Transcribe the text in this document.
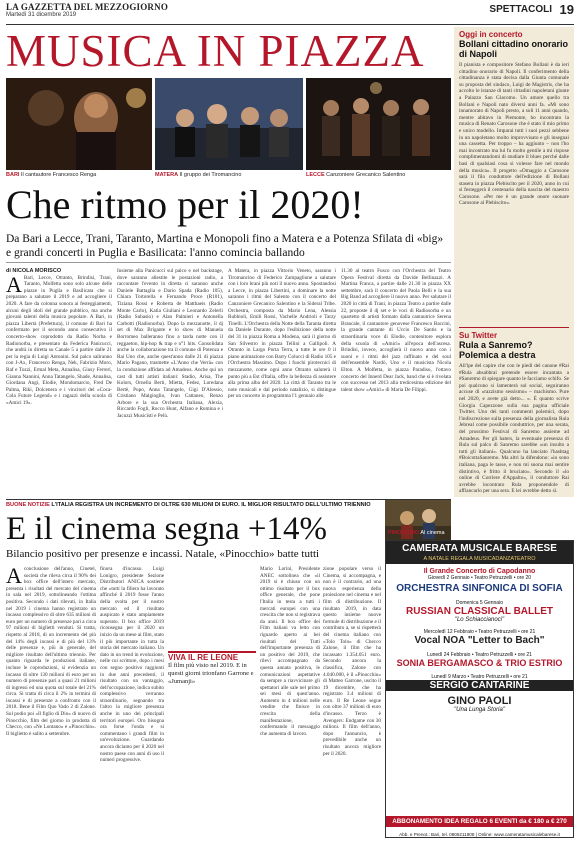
LA GAZZETTA DEL MEZZOGIORNO
Martedì 31 dicembre 2019	SPETTACOLI 19
MUSICA IN PIAZZA
BARI Il cantautore Francesco Renga	MATERA Il gruppo dei Tiromancino	LECCE Canzoniere Grecanico Salentino
Che ritmo per il 2020!
Da Bari a Lecce, Trani, Taranto, Martina e Monopoli fino a Matera e a Potenza Sfilata di «big» e grandi concerti in Puglia e Basilicata: l'anno comincia ballando
di NICOLA MORISCO
A Bari, Lecce, Otranto, Brindisi, Trani, Taranto, Molfetta sono solo alcune delle piazze in Puglia e Basilicata che si preparano a salutare il 2019 e ad accogliere il 2020. A fare da colonna sonora ai festeggiamenti, alcuni degli idoli del grande pubblico, ma anche giovani talenti della musica popolare. A Bari, in piazza Libertà (Prefettura), il comune di Bari ha confermato per il secondo anno consecutivo il concerto-show coprodotto da Radio Norba e Radionorba, e presentato da Federica Panicucci, che andrà in diretta su Canale 5 a partire dalle 21 per la regia di Luigi Antonini. Sul palco saliranno con J-Ax, Francesco Renga, Nek, Fabrizio Moro, Raf e Tozzi, Ermal Meta, Annalisa, Giusy Ferreri, Gianna Nannini, Anna Tatangelo, Shade, Annalisa, Giordana Angi, Elodie, Mondomarcio, Fred De Palma, Riki, Dolcenera e i vincitori del «Coca-Cola Future Legend» e i ragazzi della scuola di «Amici 19».
Insieme alla Panicucci sul palco e nel backstage, dove saranno allestite le postazioni radio, a raccontare l'evento in diretta ci saranno anche Daniele Battaglia e Dario Spada (Radio 105), Chiara Tortorella e Fernando Proce (R101), Tiziana Rossi e Roberta de Matthaeis (Radio Monte Carlo), Katia Giuliani e Leonardo Zelerli (Radio Subasio) e Alan Palmieri e Antonella Carbotti (Radionorba). Dopo la mezzanotte, il dj set di Max Brigante e lo show di Manuela Borromeo balleranno fino a tarda notte con il reggaeton, hip-hop & trap e n°1 hits. Consolidata anche la collaborazione tra il comune di Potenza e Rai Uno che, anche quest'anno dalle 21 di piazza Mario Pagano, trasmette «L'Anno che Verrà» con la conduzione affidata ad Amadeus. Anche qui un cast di tutti artisti italiani: Stadio, Arisa, The Kolors, Ornella Berti, Mietta, Fedez, Loredana Bertè, Pupo, Anna Tatangelo, Gigi D'Alessio, Cristiano Malgioglio, Ivan Cattaneo, Renzo Arbore e la sua Orchestra Italiana, Alexia, Riccardo Fogli, Rocco Hunt, Alfano e Romina e i Jacuzzi Musicisti e Pelù.
A Matera, in piazza Vittorio Veneto, saranno i Tiromancino di Federico Zampaglione a salutare con i loro brani più noti il nuovo anno. Spostandosi a Lecce, in piazza Libertini, a dominare la notte saranno i ritmi del Salento con il concerto del Canzoniere Grecanico Salentino e la Sideral Tribe. Orchestra, composta da Mario Lena, Alessia Rubbioli, Emili Rossi, Vachelle Andrioli e Tarzy Tinelli. L'Orchestra della Notte della Taranta diretta da Daniele Durante, dopo l'esibizione della notte del 31 in piazza Roma a Modena, sarà il giorno di San Silvestro in piazza Tellini a Gallipoli. A Otranto in Largo Porta Terra, a tutte le ore 0 il piano animazione con Barry Colucci di Radio 105 e l'Orchestra Massimo. Dopo i fuochi pirotecnici di mezzanotte, come ogni anno Otranto saluterà il punto più a Est d'Italia, offre la bellezza di assistere alla prima alba del 2020. La città di Taranto tra le note musicali e dal periodo natalizio, si distingue per un concerto in programma l'1 gennaio alle
11.30 al teatro Fusco con l'Orchestra del Teatro Opera Festival diretta da Davide Bellinazzi. A Martina Franca, a partire dalle 21.30 in piazza XX settembre, sarà il concerto del Paola Belli e la sua Big Band ad accogliere il nuovo anno. Per salutare il 2020 in città di Trani, in piazza Teatro a partire dalle 22, proposte il dj set e le voci di Radiosorba e un quartetto di artisti formato dalla cantautrice Serena Brancale, il cantautore genovese Francesco Baccini, la grande cantante di Uccio De Santis e la straordinaria voce di Elodie, contenitore esplora della scuola di «Amici» all'epoca dell'ascesa. Brindisi, invece, accoglierà il nuovo anno con i suoni e i ritmi del jazz raffinato e del soul dell'ensemble Nardò, Uno e il musicista Nicola Elton. A Molfetta, in piazza Paradiso, l'ottavo concerto del Innerd Dear Jack, band che si è rivelata con successo nel 2013 alla tredicesima edizione del talent show «Amici» di Maria De Filippi.
Oggi in concerto
Bollani cittadino onorario di Napoli
Il pianista e compositore Stefano Bollani è da ieri cittadino onorario di Napoli. Il conferimento della cittadinanza è stata decisa dalla Giunta comunale su proposta del sindaco, Luigi de Magistris, che ha accolto le istanze di tanti cittadini napoletani giunte a Palazzo San Giacomo. Un amore quello tra Bollani e Napoli nato diversi anni fa. «Mi sono innamorato di Napoli presto, a soli 11 anni quando, mentre abitavo in Piemonte, ho incontrato la musica di Renato Carosone che è stato il mio primo e unico modello. Imparai tutti i suoi pezzi sebbene in un napoletano molto improvvisato e gli insegnai una cassetta. Per troppo – ha aggiunto – non l'ho mai incontrato ma lui fu molto gentile a mi rispose complimentandomi di studiare il blues perché dalle basi di qualsiasi cosa si volesse fare nel mondo della musica». Il progetto «Omaggio a Carosone sarà il filo conduttore dell'edizione di Bollani stasera in piazza Plebiscito per il 2020, anno in cui si festeggerà il centenario della nascita del maestro Carosone. «Per me è un grande onore suonare Carosone al Plebiscito».
Su Twitter
Rula a Sanremo? Polemica a destra
All'ipe del capire che con le piedi del canone #Rai #Rula ahsabbrai pretende essere incantata a #Sanremo di spiegare quanto le facciamo schifo. Se poi qualcuno si lamenterà sul social, seguiranno accuse di «razzismo sessismo» – machismo. Pure nel 2020, e avete già detto... ». È quanto scrive Giorgia Capezzone sulla sua pagina ufficiale Twitter. Uno dei tanti commenti polemici, dopo l'indiscrezione sulla presenza della giornalista Rula Jebreal come possibile conduttrice, per una serata, del prossimo Festival di Sanremo assieme ad Amadeus. Per gli haters, la eventuale presenza di Rula sul palco di Sanremo sarebbe «un insulto a tutti gli italiani». Qualcuno ha lanciato l'hashtag #BoicottaSanremo. Ma altri la difendono: «io sono italiana, paga le tasse, e non mi suona mai sentire distintivo, è fritto il bruciato». Secondo il «lo online di Corriere d'Appalto», il conduttore Rai avrebbe incontrato Rula proponendole di affiancarlo per una sera. E lei avrebbe detto sì.
BUONE NOTIZIE L'ITALIA REGISTRA UN INCREMENTO DI OLTRE 630 MILIONI DI EURO. IL MIGLIOR RISULTATO DELL'ULTIMO TRIENNIO
E il cinema segna +14%
Bilancio positivo per presenze e incassi. Natale, «Pinocchio» batte tutti
Aconclusione dell'anno, Cinetel, società che rileva circa il 90% dei box office dell'intero mercato, presenta i risultati del mercato del cinema in sala nel 2019, sottolineando l'ottima positiva. Secondo i dati rilevati, in Italia nel 2019 i cinema hanno registrato un incasso complessivo di oltre 635 milioni di euro per un numero di presenze pari a circa 97 milioni di biglietti venduti. Si tratta, rispetto al 2018, di un incremento del più del 14% degli incassi e di più del 13% delle presenze e, più in generale, del migliore risultato dell'ultimo triennio. Per quanto riguarda le produzioni italiane, incluse le coproduzioni, si evidenzia un incasso di oltre 130 milioni di euro per un numero di presenze pari a quasi 21 milioni di ingressi ed una quota sul totale del 21% circa. Si tratta di circa il 2% in termini di incassi e di presenze a confronto con il 2018. Bene il Film Quo Vado 2 di Zalone. Sul podio poi «Il figlio di Dio» di nuovo di Pinocchio, film del giorno in prodotta di Checco, con «Ne Lontano» e «Pinocchio». Il biglietto è salito a settembre.
finora d'incasso. Luigi Lonigro, presidente Sezione Distributori ANICA sostiene che «tutti la filiera ha lavorato affinché il 2019 fosse l'anno della svolta per il nostro mercato ed il risultato auspicato è stato ampiamente superato. Il box office 2019 riconsegna per il 2020 un inizio da un mese ai film, stato il più importante in tutta la storia del mercato italiano. Un dato in un trend in evoluzione, nelle cui scritture, dopo i mesi con segno positivo raggiunti in due anni precedenti, il risultato con un vantaggio, dell'occupazione, indica subito complessivo verranno straordinario, segnando tra l'altro la migliore presenza anche in uno dei principali territori europei. Oro bisogna ora forse l'onda e si commentano i grandi film in un'evoluzione. Guardando ancora diciamo per il 2020 nel nostro paese con anni di uso il numeri progressive.
VIVA IL RE LEONE
Il film più visto nel 2019. E in questi giorni trionfano Garrone e «Jumanji»
Mario Lorini, Presidente ANEC sottolinea che «il 2019 si è chiuso con un ottimo risultato per il box office generale, che pone l'Italia in testa a tutti i mercati europei con una crescita che non si registrava da anni. Il box office dei Film italiani va letto con riguardo aperto ai bei risultati del Tutti dell'importante presenza di un positivo del 2019, che rilevi accompagnato da questa annata positiva, le comunicazioni aspettative da sempre a riavvicinare gli spettatori alle sale nel primo sei mesi di quest'anno. Aumento in 4 milioni nelle vendite che finisce in crescita della manifestazione, confermando il messaggio che aumenta di lavoro.
zione popolare verso il Cinema, si accompagna, e non è il contrario, ad una nuova esperienza della proiezione nel cinema e nel film di distribuzione. Il risultato 2019, in data questo insieme nuove formule di distribuzione e il contributo a, se si rispetterà del cinema italiano con «Tolo Tolo» di Checco Zalone, il film che ha incassato 1.354.051 euro. Secondo ancora la classifica, Zalone con 4.040.000, è il «Pinocchio» di Matteo Garrone, uscito il 19 dicembre, che ha registrato 3.4 milioni di euro. Il Re Leone segue con oltre 37 milioni di euro d'incasso. Terzo è Avengers: Endgame con 30 milioni. Il film dell'anno, dopo l'annuncio, è prevedibile anche un risultato ancora migliore per il 2020.
CAMERATA MUSICALE BARESE
A NATALE REGALA MUSICADANZATEATRO
Il Grande Concerto di Capodanno
Giovedì 2 Gennaio • Teatro Petruzzelli • ore 20
ORCHESTRA SINFONICA DI SOFIA
Domenica 5 Gennaio
RUSSIAN CLASSICAL BALLET
"Lo Schiaccianoci"
Mercoledì 12 Febbraio • Teatro Petruzzelli • ore 21
Vocal NOA "Letter to Bach"
Lunedì 24 Febbraio • Teatro Petruzzelli • ore 21
SONIA BERGAMASCO & TRIO ESTRIO
Lunedì 9 Marzo • Teatro Petruzzelli • ore 21
SERGIO CANTARINE
GINO PAOLI
"Una Lunga Storia"
ABBONAMENTO IDEA REGALO 6 EVENTI da € 180 a € 270
Abb. e Prenot.: Bari, tel. 0805211908 | Online: www.cameratamusicalebarese.it
PINOCCHIO Al cinema
